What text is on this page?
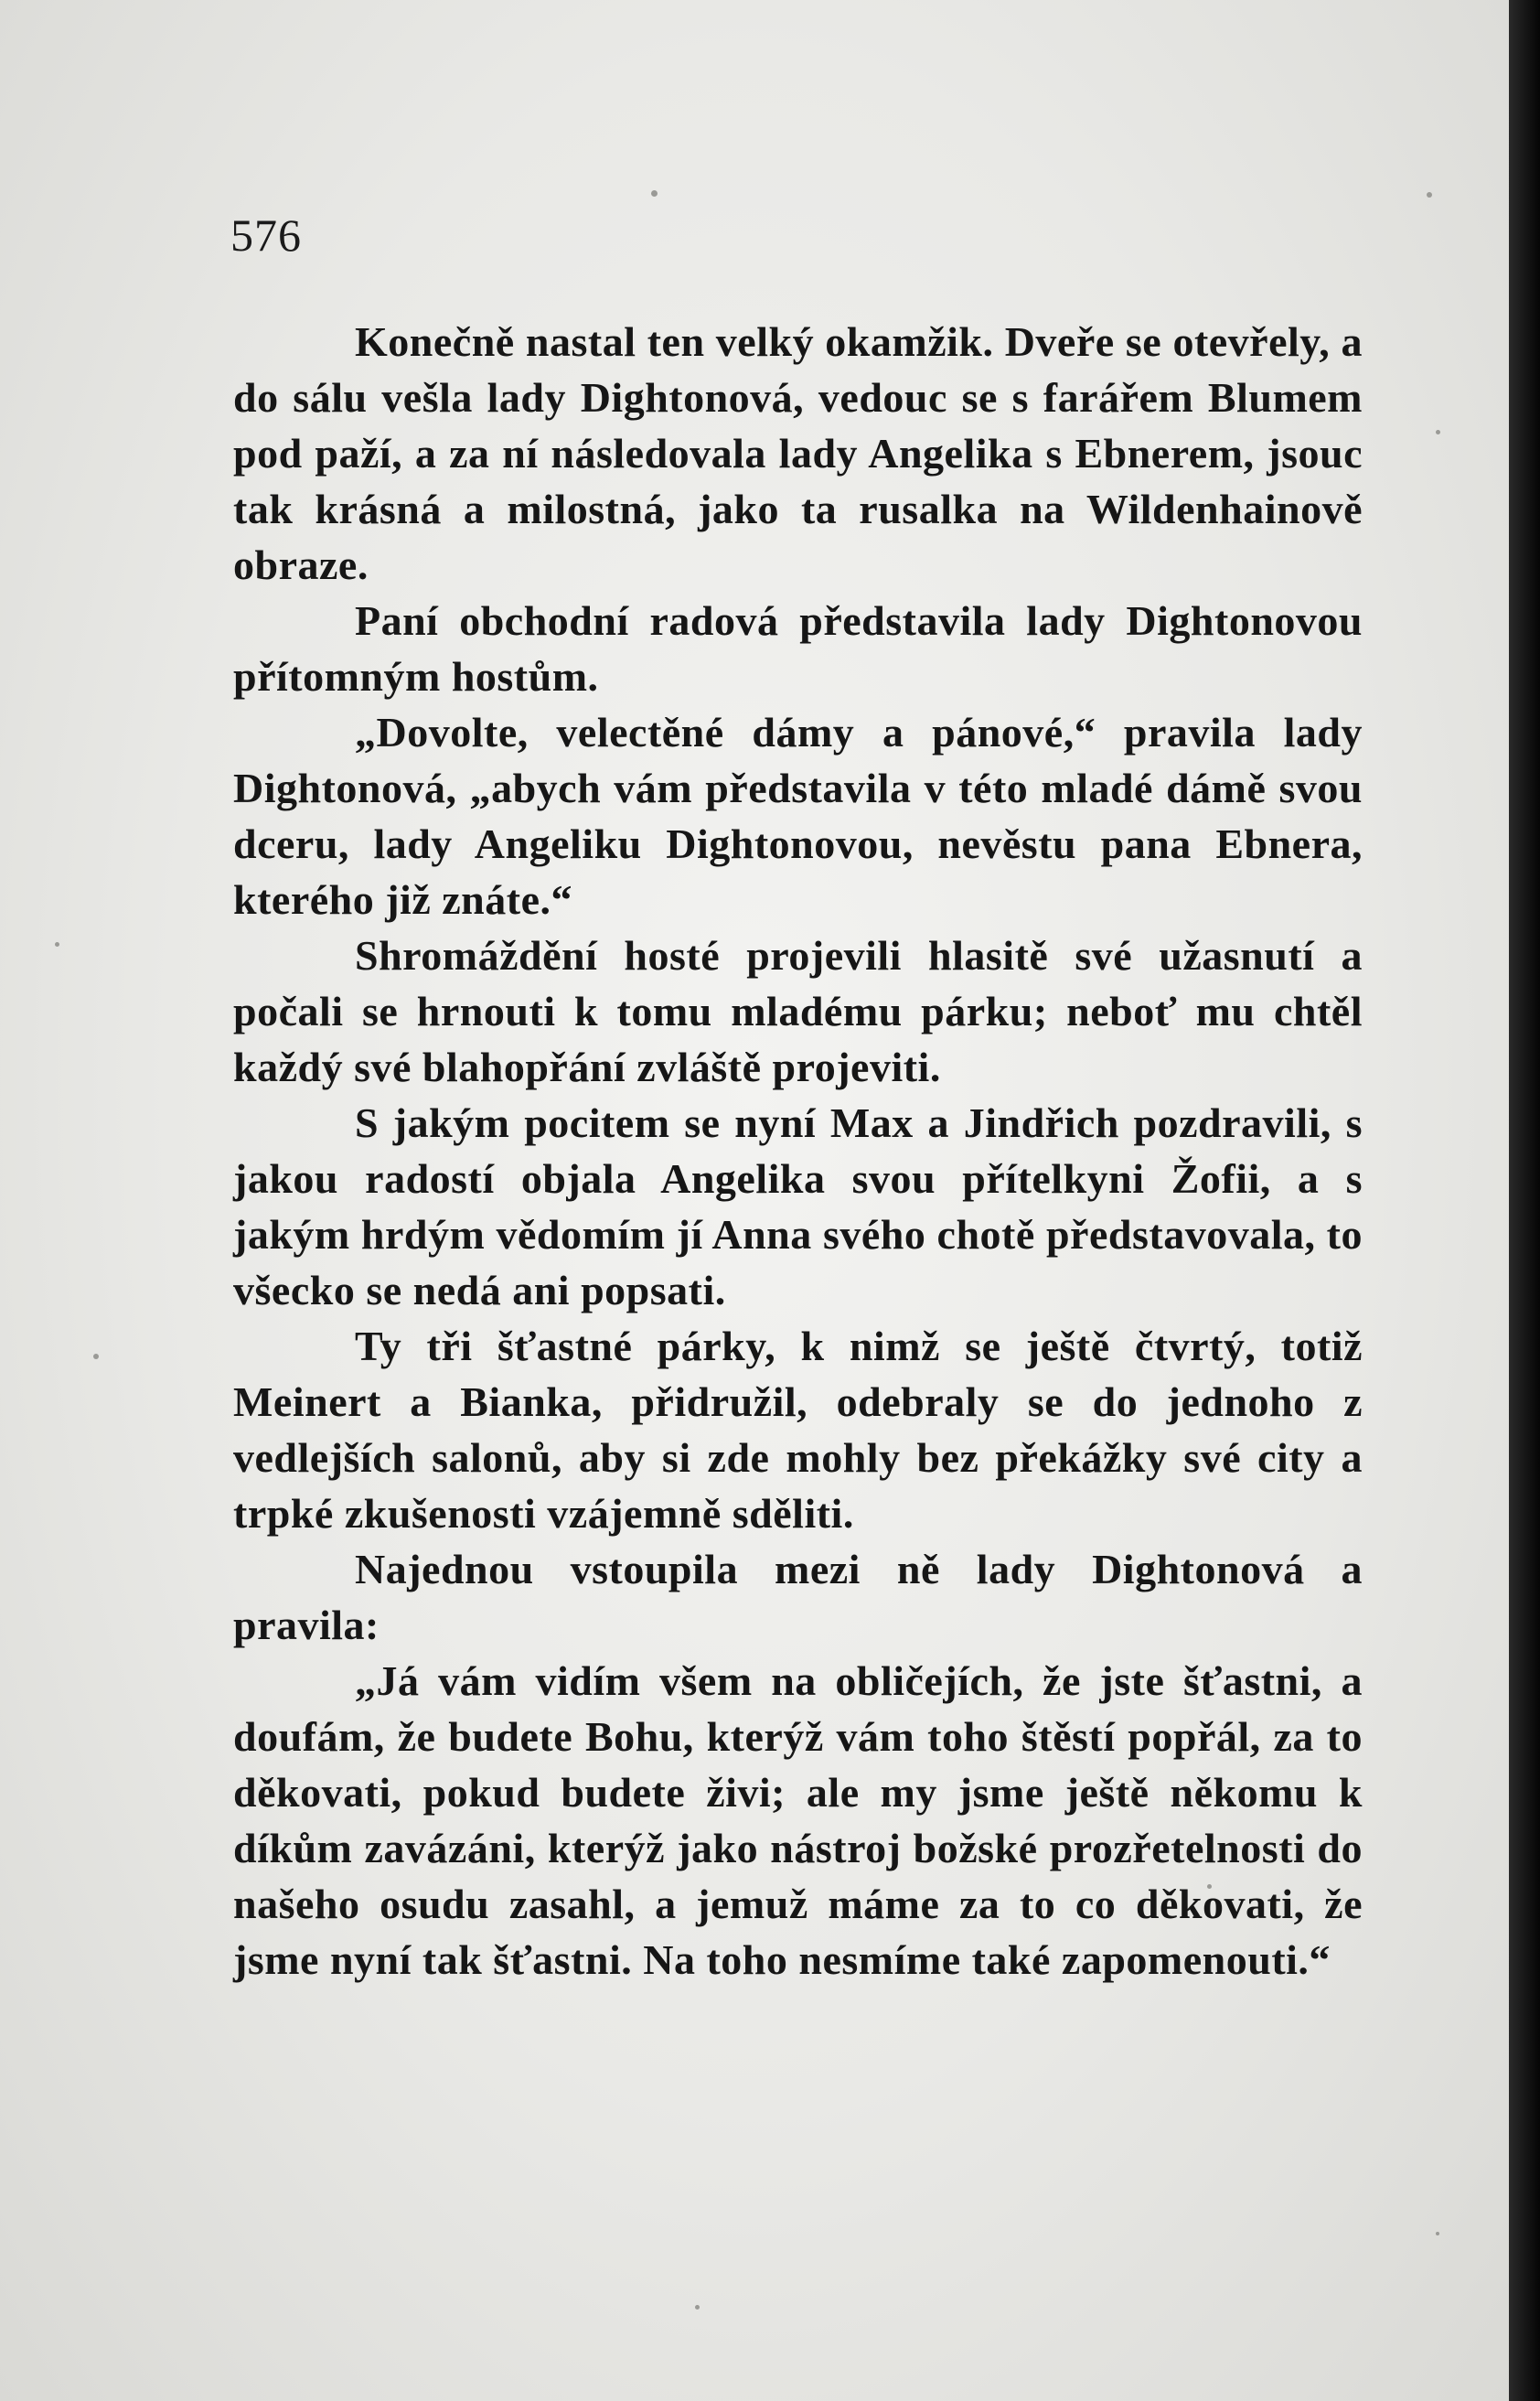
576

Konečně nastal ten velký okamžik. Dveře se otevřely, a do sálu vešla lady Dightonová, vedouc se s farářem Blumem pod paží, a za ní následovala lady Angelika s Ebnerem, jsouc tak krásná a milostná, jako ta rusalka na Wildenhainově obraze.

Paní obchodní radová představila lady Dightonovou přítomným hostům.

„Dovolte, velectěné dámy a pánové,“ pravila lady Dightonová, „abych vám představila v této mladé dámě svou dceru, lady Angeliku Dightonovou, nevěstu pana Ebnera, kterého již znáte.“

Shromáždění hosté projevili hlasitě své užasnutí a počali se hrnouti k tomu mladému párku; neboť mu chtěl každý své blahopřání zvláště projeviti.

S jakým pocitem se nyní Max a Jindřich pozdravili, s jakou radostí objala Angelika svou přítelkyni Žofii, a s jakým hrdým vědomím jí Anna svého chotě představovala, to všecko se nedá ani popsati.

Ty tři šťastné párky, k nimž se ještě čtvrtý, totiž Meinert a Bianka, přidružil, odebraly se do jednoho z vedlejších salonů, aby si zde mohly bez překážky své city a trpké zkušenosti vzájemně sděliti.

Najednou vstoupila mezi ně lady Dightonová a pravila:

„Já vám vidím všem na obličejích, že jste šťastni, a doufám, že budete Bohu, kterýž vám toho štěstí popřál, za to děkovati, pokud budete živi; ale my jsme ještě někomu k díkům zavázáni, kterýž jako nástroj božské prozřetelnosti do našeho osudu zasahl, a jemuž máme za to co děkovati, že jsme nyní tak šťastni. Na toho nesmíme také zapomenouti.“
